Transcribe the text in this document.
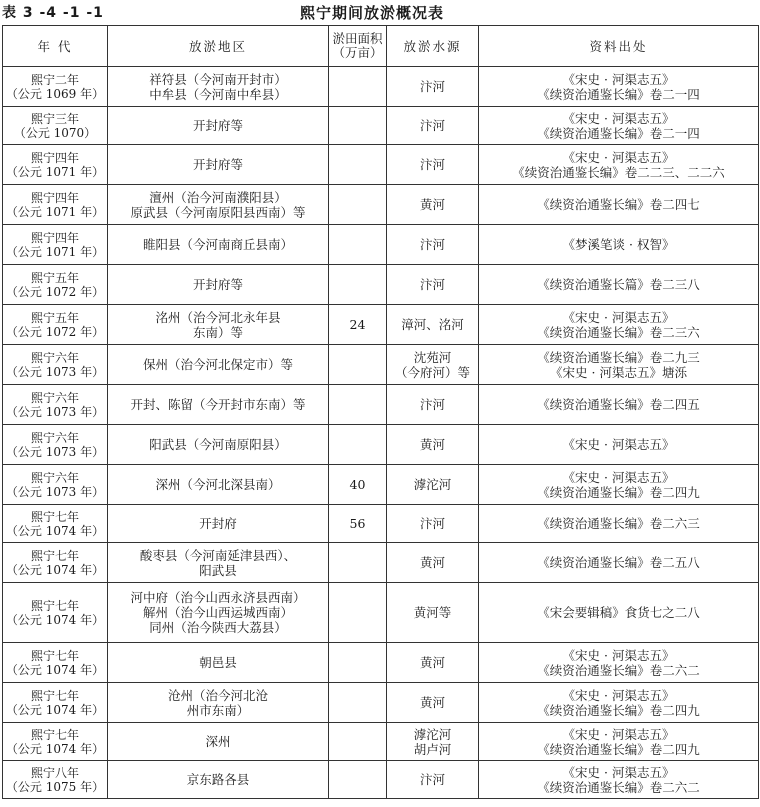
表 3 -4 -1 -1	熙宁期间放淤概况表
年 代	放淤地区	淤田面积 （万亩）	放淤水源	资料出处

熙宁二年
（公元 1069 年）	祥符县（今河南开封市）
中牟县（今河南中牟县）		汴河	《宋史 · 河渠志五》
《续资治通鉴长编》卷二一四

熙宁三年
（公元 1070）	开封府等		汴河	《宋史 · 河渠志五》
《续资治通鉴长编》卷二一四

熙宁四年
（公元 1071 年）	开封府等		汴河	《宋史 · 河渠志五》
《续资治通鉴长编》卷二二三、二二六

熙宁四年
（公元 1071 年）	澶州（治今河南濮阳县）
原武县（今河南原阳县西南）等		黄河	《续资治通鉴长编》卷二四七

熙宁四年
（公元 1071 年）	睢阳县（今河南商丘县南）		汴河	《梦溪笔谈 · 权智》

熙宁五年
（公元 1072 年）	开封府等		汴河	《续资治通鉴长篇》卷二三八

熙宁五年
（公元 1072 年）	洺州（治今河北永年县
东南）等	24	漳河、洺河	《宋史 · 河渠志五》
《续资治通鉴长编》卷二三六

熙宁六年
（公元 1073 年）	保州（治今河北保定市）等		沈苑河
（今府河）等	《续资治通鉴长编》卷二九三
《宋史 · 河渠志五》塘泺

熙宁六年
（公元 1073 年）	开封、陈留（今开封市东南）等		汴河	《续资治通鉴长编》卷二四五

熙宁六年
（公元 1073 年）	阳武县（今河南原阳县）		黄河	《宋史 · 河渠志五》

熙宁六年
（公元 1073 年）	深州（今河北深县南）	40	滹沱河	《宋史 · 河渠志五》
《续资治通鉴长编》卷二四九

熙宁七年
（公元 1074 年）	开封府	56	汴河	《续资治通鉴长编》卷二六三

熙宁七年
（公元 1074 年）	酸枣县（今河南延津县西）、
阳武县		黄河	《续资治通鉴长编》卷二五八

熙宁七年
（公元 1074 年）	河中府（治今山西永济县西南）
解州（治今山西运城西南）
同州（治今陕西大荔县）		黄河等	《宋会要辑稿》食货七之二八

熙宁七年
（公元 1074 年）	朝邑县		黄河	《宋史 · 河渠志五》
《续资治通鉴长编》卷二六二

熙宁七年
（公元 1074 年）	沧州（治今河北沧
州市东南）		黄河	《宋史 · 河渠志五》
《续资治通鉴长编》卷二四九

熙宁七年
（公元 1074 年）	深州		滹沱河
胡卢河	《宋史 · 河渠志五》
《续资治通鉴长编》卷二四九

熙宁八年
（公元 1075 年）	京东路各县		汴河	《宋史 · 河渠志五》
《续资治通鉴长编》卷二六二
